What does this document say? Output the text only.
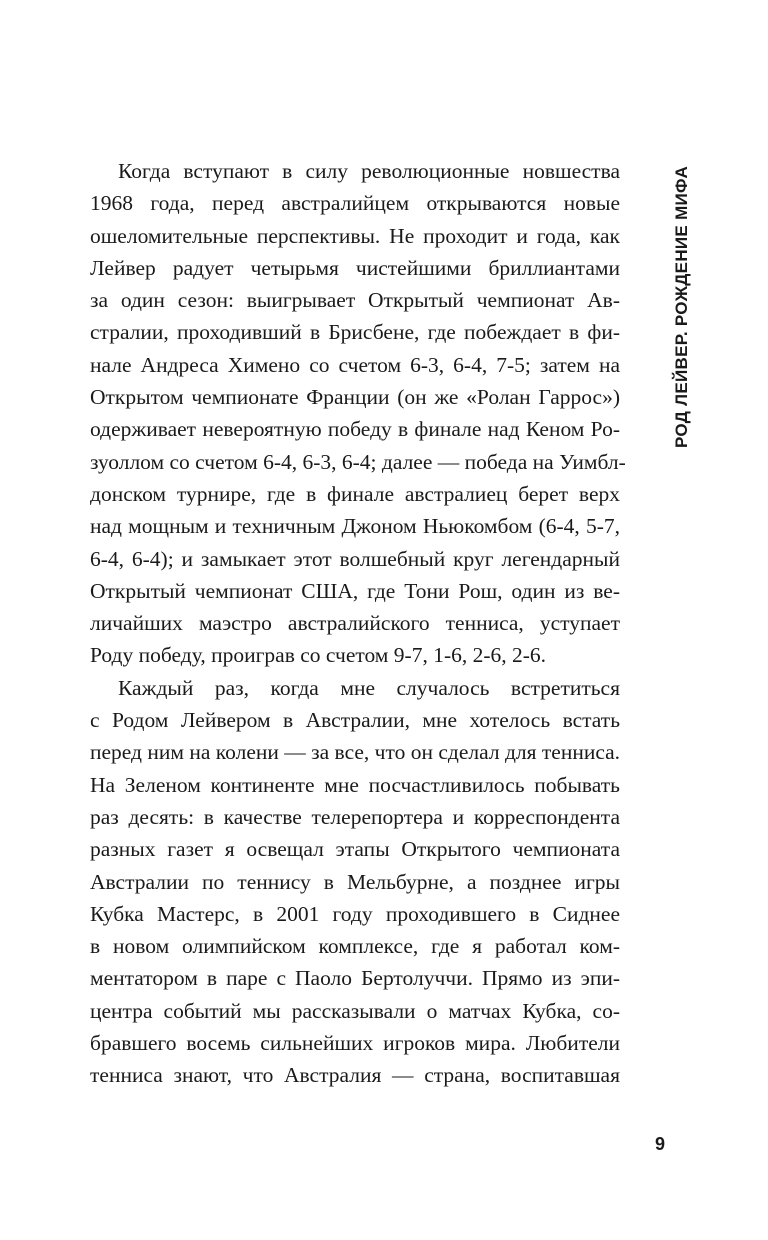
РОД ЛЕЙВЕР. РОЖДЕНИЕ МИФА

Когда вступают в силу революционные новшества
1968 года, перед австралийцем открываются новые
ошеломительные перспективы. Не проходит и года, как
Лейвер радует четырьмя чистейшими бриллиантами
за один сезон: выигрывает Открытый чемпионат Ав-
стралии, проходивший в Брисбене, где побеждает в фи-
нале Андреса Химено со счетом 6-3, 6-4, 7-5; затем на
Открытом чемпионате Франции (он же «Ролан Гаррос»)
одерживает невероятную победу в финале над Кеном Ро-
зуоллом со счетом 6-4, 6-3, 6-4; далее — победа на Уимбл-
донском турнире, где в финале австралиец берет верх
над мощным и техничным Джоном Ньюкомбом (6-4, 5-7,
6-4, 6-4); и замыкает этот волшебный круг легендарный
Открытый чемпионат США, где Тони Рош, один из ве-
личайших маэстро австралийского тенниса, уступает
Роду победу, проиграв со счетом 9-7, 1-6, 2-6, 2-6.

Каждый раз, когда мне случалось встретиться
с Родом Лейвером в Австралии, мне хотелось встать
перед ним на колени — за все, что он сделал для тенниса.
На Зеленом континенте мне посчастливилось побывать
раз десять: в качестве телерепортера и корреспондента
разных газет я освещал этапы Открытого чемпионата
Австралии по теннису в Мельбурне, а позднее игры
Кубка Мастерс, в 2001 году проходившего в Сиднее
в новом олимпийском комплексе, где я работал ком-
ментатором в паре с Паоло Бертолуччи. Прямо из эпи-
центра событий мы рассказывали о матчах Кубка, со-
бравшего восемь сильнейших игроков мира. Любители
тенниса знают, что Австралия — страна, воспитавшая

9
